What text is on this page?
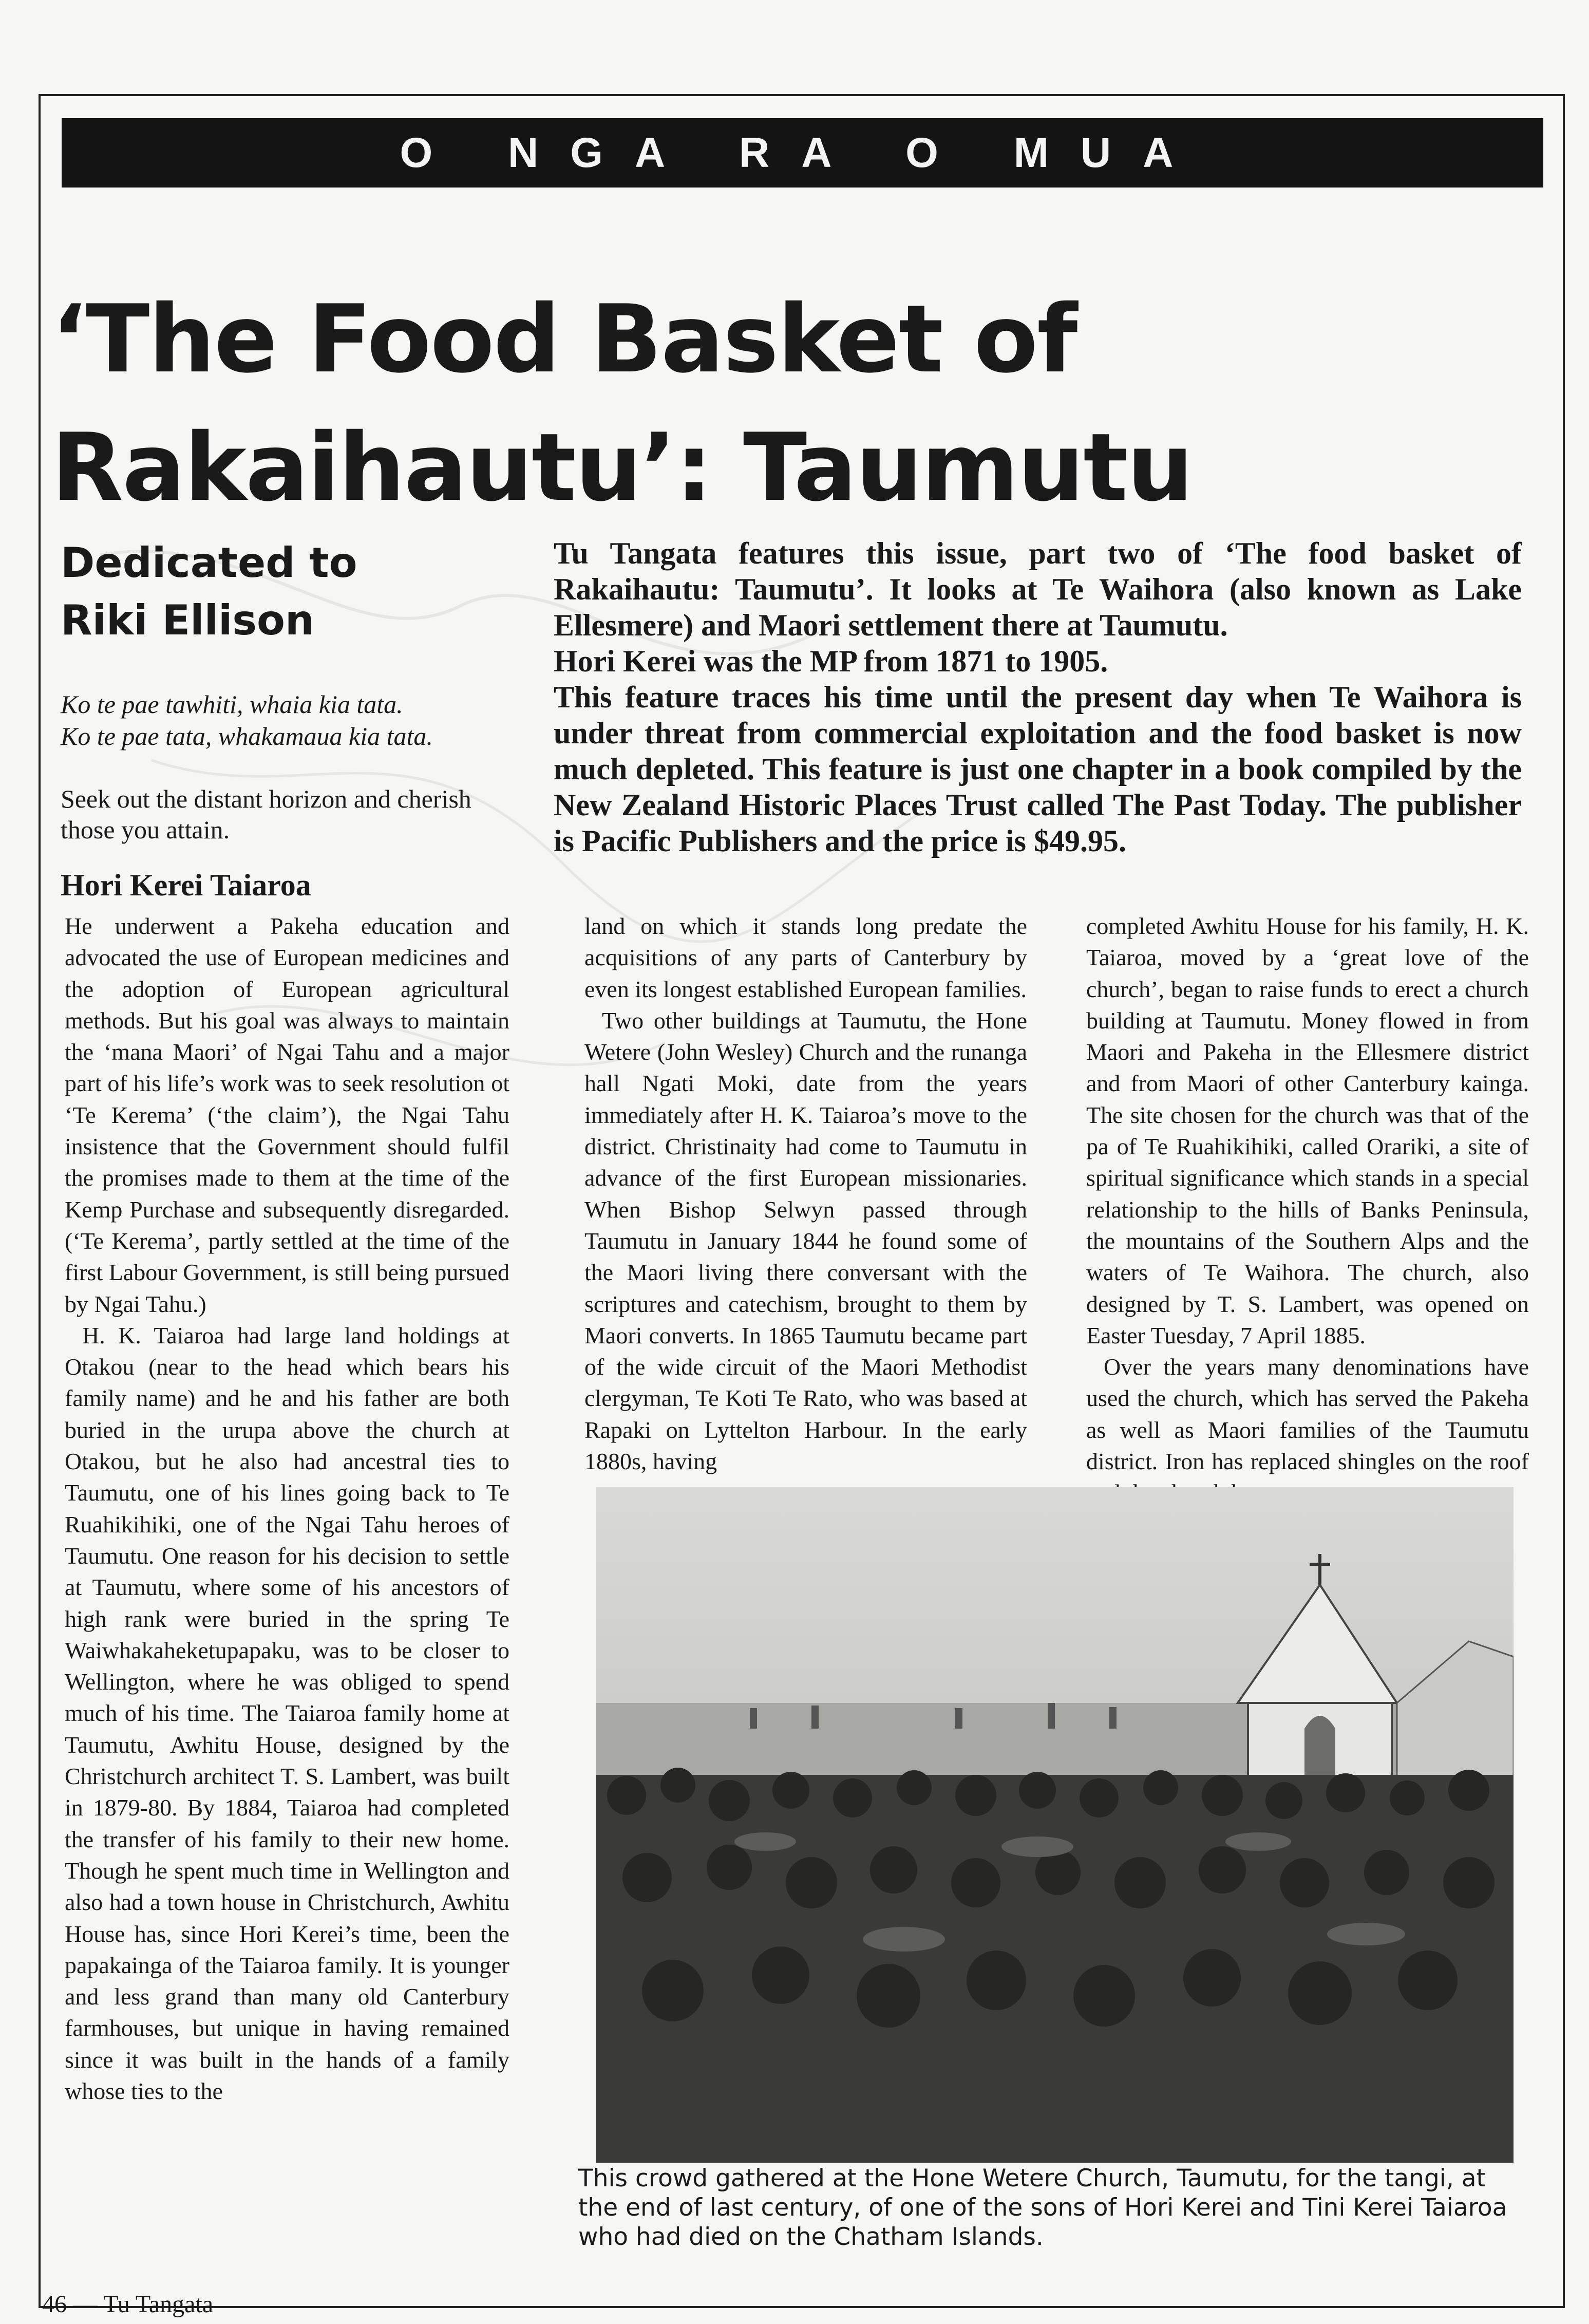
O NGA RA O MUA
‘The Food Basket of
Rakaihautu’: Taumutu
Dedicated to
Riki Ellison
Ko te pae tawhiti, whaia kia tata.
Ko te pae tata, whakamaua kia tata.
Seek out the distant horizon and cherish those you attain.

Tu Tangata features this issue, part two of ‘The food basket of Rakaihautu: Taumutu’. It looks at Te Waihora (also known as Lake Ellesmere) and Maori settlement there at Taumutu.

Hori Kerei was the MP from 1871 to 1905.

This feature traces his time until the present day when Te Waihora is under threat from commercial exploitation and the food basket is now much depleted. This feature is just one chapter in a book compiled by the New Zealand Historic Places Trust called The Past Today. The publisher is Pacific Publishers and the price is $49.95.

Hori Kerei Taiaroa

He underwent a Pakeha education and advocated the use of European medicines and the adoption of European agricultural methods. But his goal was always to maintain the ‘mana Maori’ of Ngai Tahu and a major part of his life’s work was to seek resolution ot ‘Te Kerema’ (‘the claim’), the Ngai Tahu insistence that the Government should fulfil the promises made to them at the time of the Kemp Purchase and subsequently disregarded. (‘Te Kerema’, partly settled at the time of the first Labour Government, is still being pursued by Ngai Tahu.)

H. K. Taiaroa had large land holdings at Otakou (near to the head which bears his family name) and he and his father are both buried in the urupa above the church at Otakou, but he also had ancestral ties to Taumutu, one of his lines going back to Te Ruahikihiki, one of the Ngai Tahu heroes of Taumutu. One reason for his decision to settle at Taumutu, where some of his ancestors of high rank were buried in the spring Te Waiwhakaheketupapaku, was to be closer to Wellington, where he was obliged to spend much of his time. The Taiaroa family home at Taumutu, Awhitu House, designed by the Christchurch architect T. S. Lambert, was built in 1879-80. By 1884, Taiaroa had completed the transfer of his family to their new home. Though he spent much time in Wellington and also had a town house in Christchurch, Awhitu House has, since Hori Kerei’s time, been the papakainga of the Taiaroa family. It is younger and less grand than many old Canterbury farmhouses, but unique in having remained since it was built in the hands of a family whose ties to the

land on which it stands long predate the acquisitions of any parts of Canterbury by even its longest established European families.

Two other buildings at Taumutu, the Hone Wetere (John Wesley) Church and the runanga hall Ngati Moki, date from the years immediately after H. K. Taiaroa’s move to the district. Christinaity had come to Taumutu in advance of the first European missionaries. When Bishop Selwyn passed through Taumutu in January 1844 he found some of the Maori living there conversant with the scriptures and catechism, brought to them by Maori converts. In 1865 Taumutu became part of the wide circuit of the Maori Methodist clergyman, Te Koti Te Rato, who was based at Rapaki on Lyttelton Harbour. In the early 1880s, having

completed Awhitu House for his family, H. K. Taiaroa, moved by a ‘great love of the church’, began to raise funds to erect a church building at Taumutu. Money flowed in from Maori and Pakeha in the Ellesmere district and from Maori of other Canterbury kainga. The site chosen for the church was that of the pa of Te Ruahikihiki, called Orariki, a site of spiritual significance which stands in a special relationship to the hills of Banks Peninsula, the mountains of the Southern Alps and the waters of Te Waihora. The church, also designed by T. S. Lambert, was opened on Easter Tuesday, 7 April 1885.

Over the years many denominations have used the church, which has served the Pakeha as well as Maori families of the Taumutu district. Iron has replaced shingles on the roof

This crowd gathered at the Hone Wetere Church, Taumutu, for the tangi, at the end of last century, of one of the sons of Hori Kerei and Tini Kerei Taiaroa who had died on the Chatham Islands.
46 — Tu Tangata
